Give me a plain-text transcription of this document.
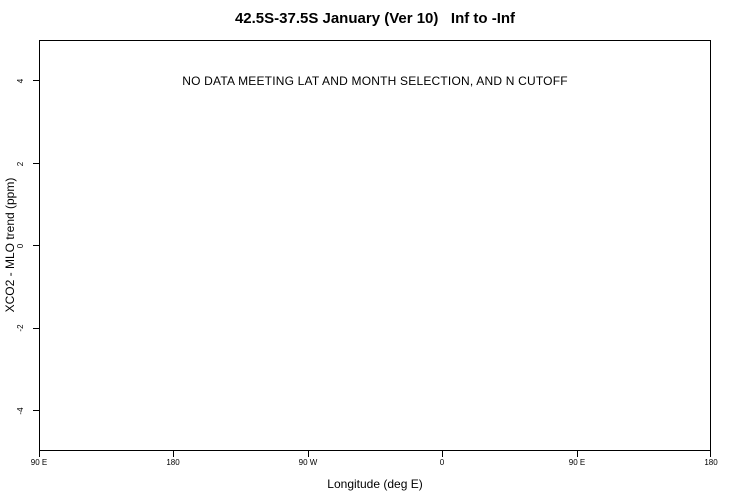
42.5S-37.5S January (Ver 10)   Inf to -Inf
NO DATA MEETING LAT AND MONTH SELECTION, AND N CUTOFF
4
2
0
-2
-4
90 E	180	90 W	0	90 E	180
Longitude (deg E)
XCO2 - MLO trend (ppm)
